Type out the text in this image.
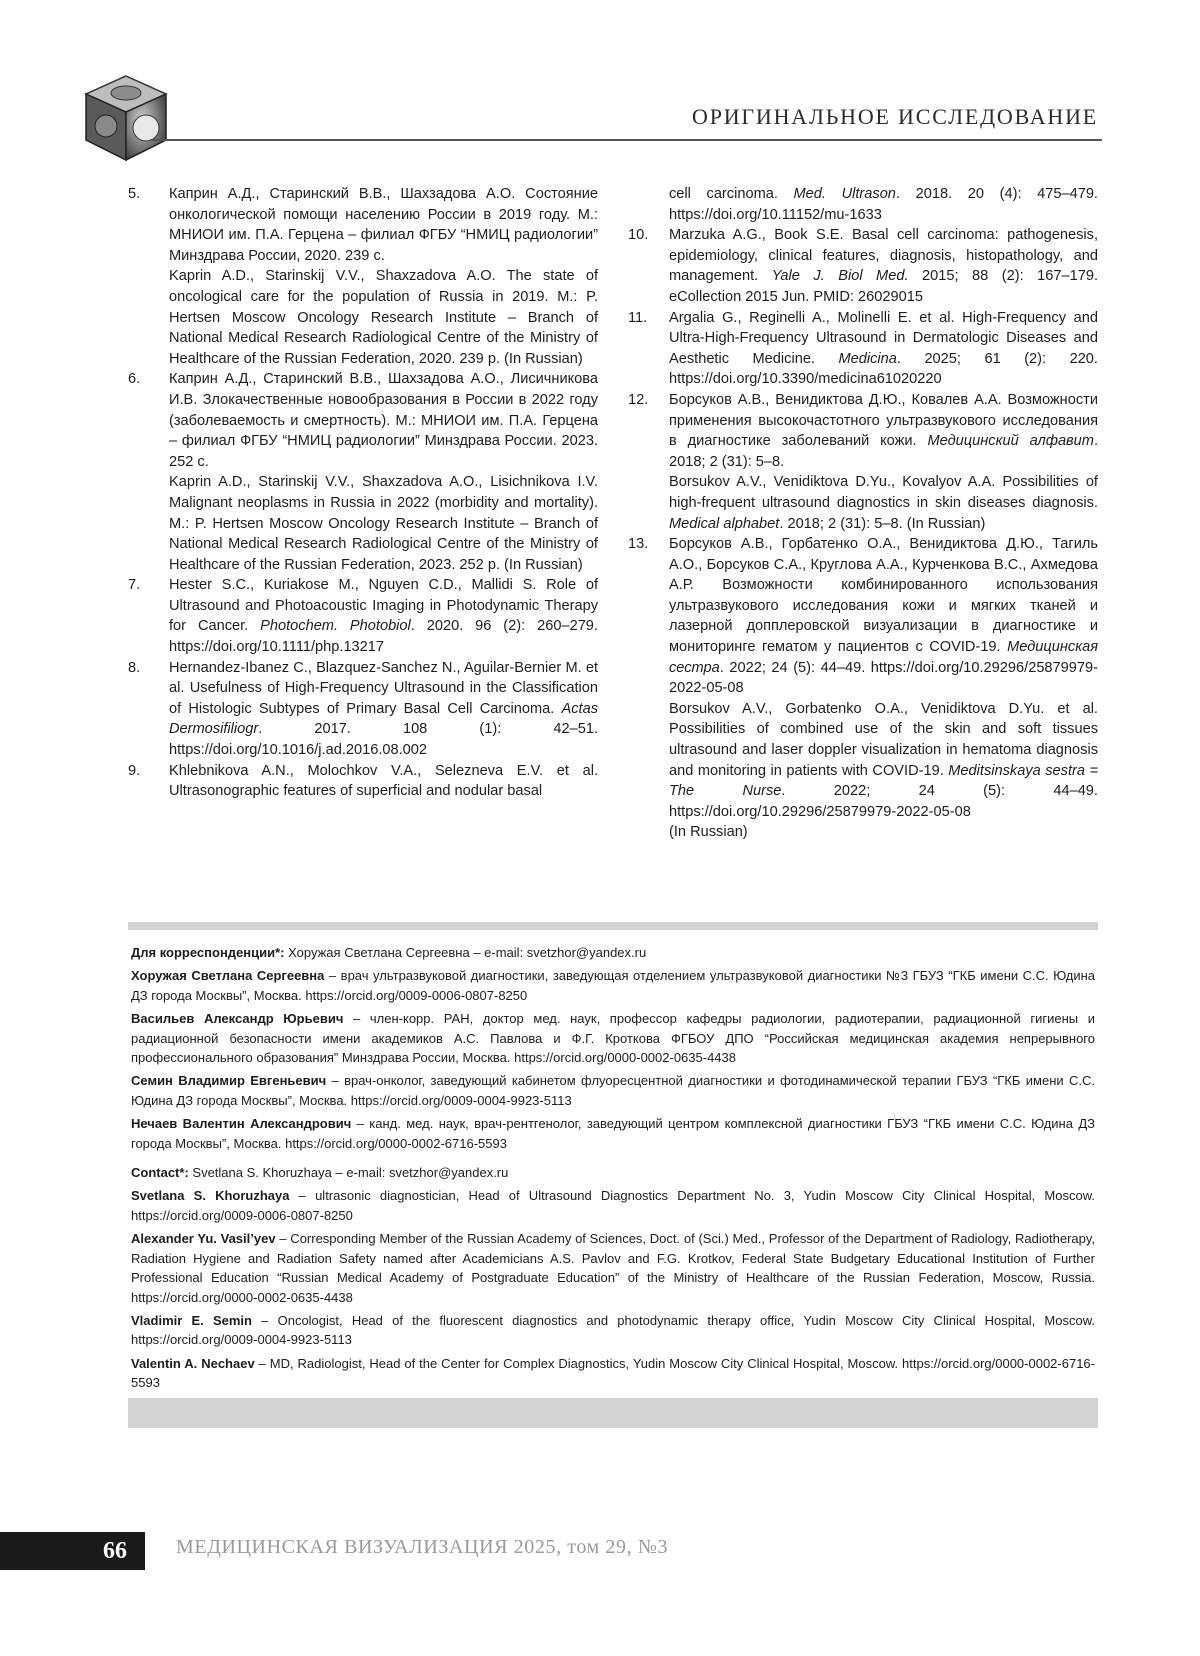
ОРИГИНАЛЬНОЕ ИССЛЕДОВАНИЕ
5.	Каприн А.Д., Старинский В.В., Шахзадова А.О. Состояние онкологической помощи населению России в 2019 году. М.: МНИОИ им. П.А. Герцена – филиал ФГБУ “НМИЦ радиологии” Минздрава России, 2020. 239 с.

Kaprin A.D., Starinskij V.V., Shaxzadova A.O. The state of oncological care for the population of Russia in 2019. M.: P. Hertsen Moscow Oncology Research Institute – Branch of National Medical Research Radiological Centre of the Ministry of Healthcare of the Russian Federation, 2020. 239 p. (In Russian)

6.	Каприн А.Д., Старинский В.В., Шахзадова А.О., Лисичникова И.В. Злокачественные новообразования в России в 2022 году (заболеваемость и смертность). М.: МНИОИ им. П.А. Герцена – филиал ФГБУ “НМИЦ радиологии” Минздрава России. 2023. 252 с.

Kaprin A.D., Starinskij V.V., Shaxzadova A.O., Lisichnikova I.V. Malignant neoplasms in Russia in 2022 (morbidity and mortality). M.: P. Hertsen Moscow Oncology Research Institute – Branch of National Medical Research Radiological Centre of the Ministry of Healthcare of the Russian Federation, 2023. 252 p. (In Russian)

7.	Hester S.C., Kuriakose M., Nguyen C.D., Mallidi S. Role of Ultrasound and Photoacoustic Imaging in Photodynamic Therapy for Cancer. Photochem. Photobiol. 2020. 96 (2): 260–279. https://doi.org/10.1111/php.13217

8.	Hernandez-Ibanez C., Blazquez-Sanchez N., Aguilar-Bernier M. et al. Usefulness of High-Frequency Ultrasound in the Classification of Histologic Subtypes of Primary Basal Cell Carcinoma. Actas Dermosifiliogr. 2017. 108 (1): 42–51. https://doi.org/10.1016/j.ad.2016.08.002

9.	Khlebnikova A.N., Molochkov V.A., Selezneva E.V. et al. Ultrasonographic features of superficial and nodular basal

cell carcinoma. Med. Ultrason. 2018. 20 (4): 475–479. https://doi.org/10.11152/mu-1633

10.	Marzuka A.G., Book S.E. Basal cell carcinoma: pathogenesis, epidemiology, clinical features, diagnosis, histopathology, and management. Yale J. Biol Med. 2015; 88 (2): 167–179. eCollection 2015 Jun. PMID: 26029015

11.	Argalia G., Reginelli A., Molinelli E. et al. High-Frequency and Ultra-High-Frequency Ultrasound in Dermatologic Diseases and Aesthetic Medicine. Medicina. 2025; 61 (2): 220. https://doi.org/10.3390/medicina61020220

12.	Борсуков А.В., Венидиктова Д.Ю., Ковалев А.А. Возможности применения высокочастотного ультразвукового исследования в диагностике заболеваний кожи. Медицинский алфавит. 2018; 2 (31): 5–8.

Borsukov A.V., Venidiktova D.Yu., Kovalyov A.A. Possibilities of high-frequent ultrasound diagnostics in skin diseases diagnosis. Medical alphabet. 2018; 2 (31): 5–8. (In Russian)

13.	Борсуков А.В., Горбатенко О.А., Венидиктова Д.Ю., Тагиль А.О., Борсуков С.А., Круглова А.А., Курченкова В.С., Ахмедова А.Р. Возможности комбинированного использования ультразвукового исследования кожи и мягких тканей и лазерной допплеровской визуализации в диагностике и мониторинге гематом у пациентов с COVID-19. Медицинская сестра. 2022; 24 (5): 44–49. https://doi.org/10.29296/25879979-2022-05-08

Borsukov A.V., Gorbatenko O.A., Venidiktova D.Yu. et al. Possibilities of combined use of the skin and soft tissues ultrasound and laser doppler visualization in hematoma diagnosis and monitoring in patients with COVID-19. Meditsinskaya sestra = The Nurse. 2022; 24 (5): 44–49. https://doi.org/10.29296/25879979-2022-05-08

(In Russian)

Для корреспонденции*: Хоружая Светлана Сергеевна – e-mail: svetzhor@yandex.ru

Хоружая Светлана Сергеевна – врач ультразвуковой диагностики, заведующая отделением ультразвуковой диагностики №3 ГБУЗ “ГКБ имени С.С. Юдина ДЗ города Москвы”, Москва. https://orcid.org/0009-0006-0807-8250

Васильев Александр Юрьевич – член-корр. РАН, доктор мед. наук, профессор кафедры радиологии, радиотерапии, радиационной гигиены и радиационной безопасности имени академиков А.С. Павлова и Ф.Г. Кроткова ФГБОУ ДПО “Российская медицинская академия непрерывного профессионального образования” Минздрава России, Москва. https://orcid.org/0000-0002-0635-4438

Семин Владимир Евгеньевич – врач-онколог, заведующий кабинетом флуоресцентной диагностики и фотодинамической терапии ГБУЗ “ГКБ имени С.С. Юдина ДЗ города Москвы”, Москва. https://orcid.org/0009-0004-9923-5113

Нечаев Валентин Александрович – канд. мед. наук, врач-рентгенолог, заведующий центром комплексной диагностики ГБУЗ “ГКБ имени С.С. Юдина ДЗ города Москвы”, Москва. https://orcid.org/0000-0002-6716-5593

Contact*: Svetlana S. Khoruzhaya – e-mail: svetzhor@yandex.ru

Svetlana S. Khoruzhaya – ultrasonic diagnostician, Head of Ultrasound Diagnostics Department No. 3, Yudin Moscow City Clinical Hospital, Moscow. https://orcid.org/0009-0006-0807-8250

Alexander Yu. Vasil’yev – Corresponding Member of the Russian Academy of Sciences, Doct. of (Sci.) Med., Professor of the Department of Radiology, Radiotherapy, Radiation Hygiene and Radiation Safety named after Academicians A.S. Pavlov and F.G. Krotkov, Federal State Budgetary Educational Institution of Further Professional Education “Russian Medical Academy of Postgraduate Education” of the Ministry of Healthcare of the Russian Federation, Moscow, Russia. https://orcid.org/0000-0002-0635-4438

Vladimir E. Semin – Oncologist, Head of the fluorescent diagnostics and photodynamic therapy office, Yudin Moscow City Clinical Hospital, Moscow. https://orcid.org/0009-0004-9923-5113

Valentin A. Nechaev – MD, Radiologist, Head of the Center for Complex Diagnostics, Yudin Moscow City Clinical Hospital, Moscow. https://orcid.org/0000-0002-6716-5593

66	МЕДИЦИНСКАЯ ВИЗУАЛИЗАЦИЯ 2025, том 29, №3
